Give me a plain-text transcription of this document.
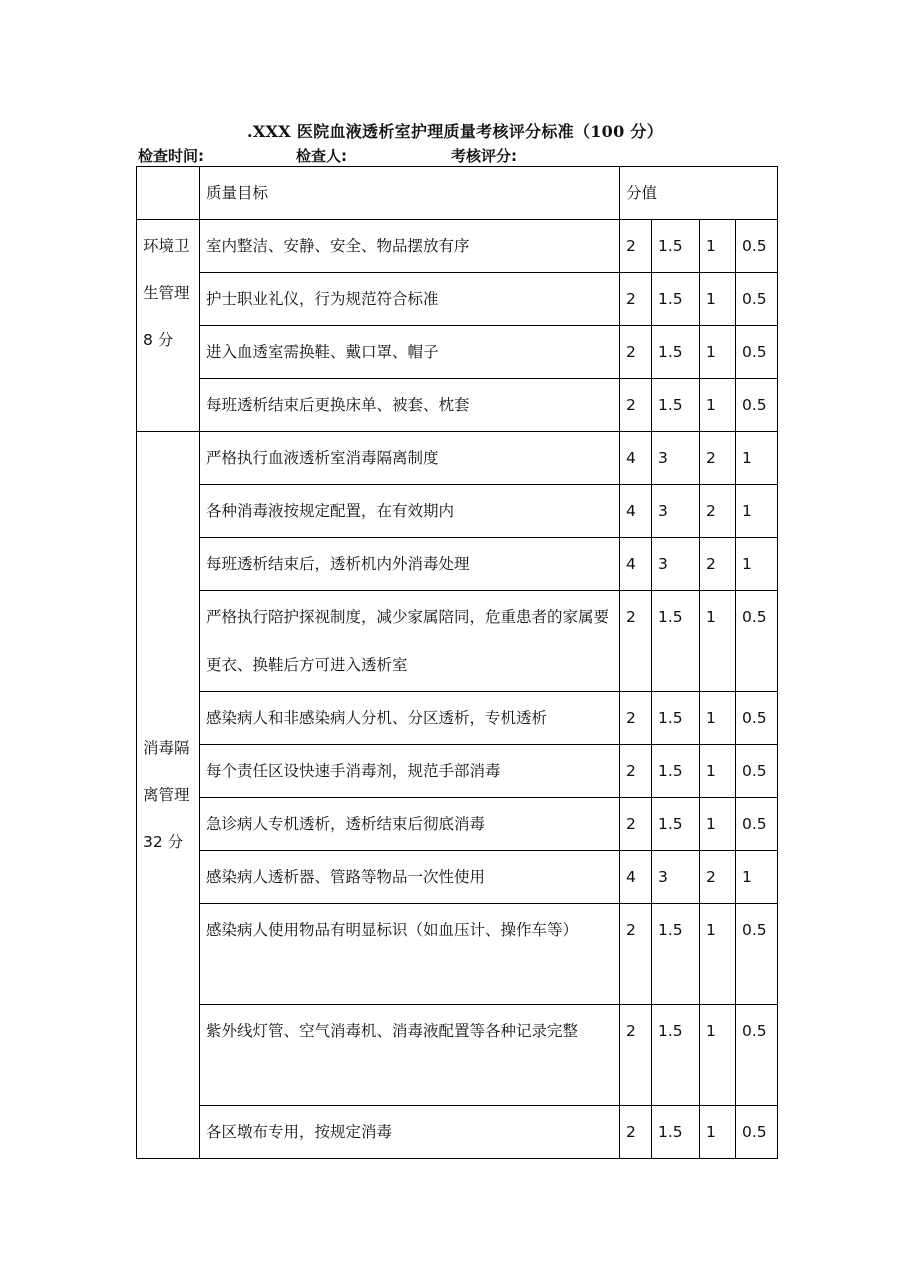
.XXX 医院血液透析室护理质量考核评分标准（100 分）
检查时间:	检查人:	考核评分:
	质量目标	分值			
环境卫生管理 8 分	室内整洁、安静、安全、物品摆放有序	2	1.5	1	0.5
	护士职业礼仪，行为规范符合标准	2	1.5	1	0.5
	进入血透室需换鞋、戴口罩、帽子	2	1.5	1	0.5
	每班透析结束后更换床单、被套、枕套	2	1.5	1	0.5
消毒隔离管理 32 分	严格执行血液透析室消毒隔离制度	4	3	2	1
	各种消毒液按规定配置，在有效期内	4	3	2	1
	每班透析结束后，透析机内外消毒处理	4	3	2	1
	严格执行陪护探视制度，减少家属陪同，危重患者的家属要更衣、换鞋后方可进入透析室	2	1.5	1	0.5
	感染病人和非感染病人分机、分区透析，专机透析	2	1.5	1	0.5
	每个责任区设快速手消毒剂，规范手部消毒	2	1.5	1	0.5
	急诊病人专机透析，透析结束后彻底消毒	2	1.5	1	0.5
	感染病人透析器、管路等物品一次性使用	4	3	2	1
	感染病人使用物品有明显标识（如血压计、操作车等）	2	1.5	1	0.5
	紫外线灯管、空气消毒机、消毒液配置等各种记录完整	2	1.5	1	0.5
	各区墩布专用，按规定消毒	2	1.5	1	0.5
